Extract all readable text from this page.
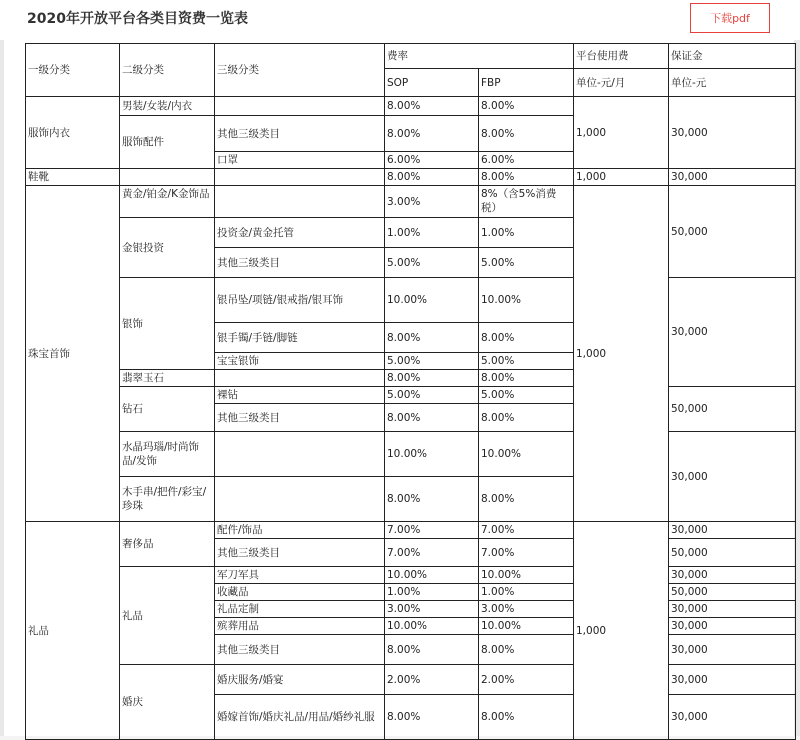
2020年开放平台各类目资费一览表	下载pdf
一级分类	二级分类	三级分类	费率		平台使用费	保证金
			SOP	FBP	单位-元/月	单位-元
服饰内衣	男装/女装/内衣		8.00%	8.00%	1,000	30,000
	服饰配件	其他三级类目	8.00%	8.00%		
		口罩	6.00%	6.00%		
鞋靴			8.00%	8.00%	1,000	30,000
珠宝首饰	黄金/铂金/K金饰品		3.00%	8%（含5%消费税）	1,000	50,000
	金银投资	投资金/黄金托管	1.00%	1.00%		
		其他三级类目	5.00%	5.00%		
	银饰	银吊坠/项链/银戒指/银耳饰	10.00%	10.00%		30,000
		银手镯/手链/脚链	8.00%	8.00%		
		宝宝银饰	5.00%	5.00%		
	翡翠玉石		8.00%	8.00%		
	钻石	裸钻	5.00%	5.00%		50,000
		其他三级类目	8.00%	8.00%		
	水晶玛瑙/时尚饰品/发饰		10.00%	10.00%		30,000
	木手串/把件/彩宝/珍珠		8.00%	8.00%		
礼品	奢侈品	配件/饰品	7.00%	7.00%	1,000	30,000
		其他三级类目	7.00%	7.00%		50,000
	礼品	军刀军具	10.00%	10.00%		30,000
		收藏品	1.00%	1.00%		50,000
		礼品定制	3.00%	3.00%		30,000
		殡葬用品	10.00%	10.00%		30,000
		其他三级类目	8.00%	8.00%		30,000
	婚庆	婚庆服务/婚宴	2.00%	2.00%		30,000
		婚嫁首饰/婚庆礼品/用品/婚纱礼服	8.00%	8.00%		30,000
